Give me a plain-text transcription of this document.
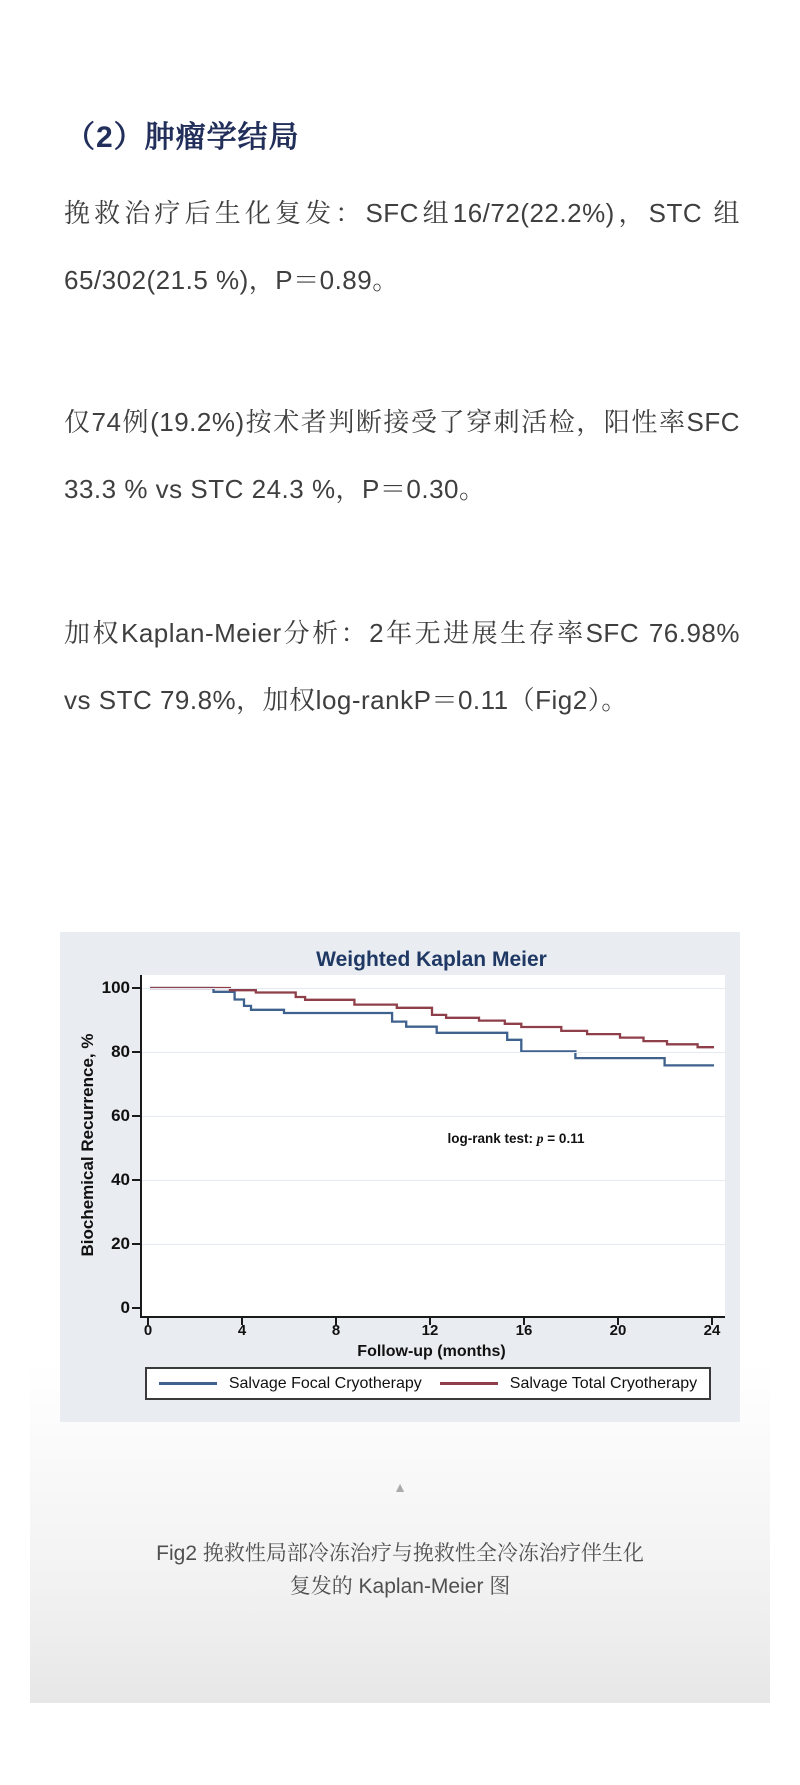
（2）肿瘤学结局

挽救治疗后生化复发：SFC组16/72(22.2%)，STC 组65/302(21.5 %)，P＝0.89。

仅74例(19.2%)按术者判断接受了穿刺活检，阳性率SFC 33.3 % vs STC 24.3 %，P＝0.30。

加权Kaplan-Meier分析：2年无进展生存率SFC 76.98% vs STC 79.8%，加权log-rankP＝0.11（Fig2）。

Weighted Kaplan Meier
Biochemical Recurrence, %	log-rank test: p = 0.11
Follow-up (months)
Salvage Focal Cryotherapy	Salvage Total Cryotherapy
0
20
40
60
80
100
0	4	8	12	16	20	24
▲
Fig2 挽救性局部冷冻治疗与挽救性全冷冻治疗伴生化
复发的 Kaplan-Meier 图
